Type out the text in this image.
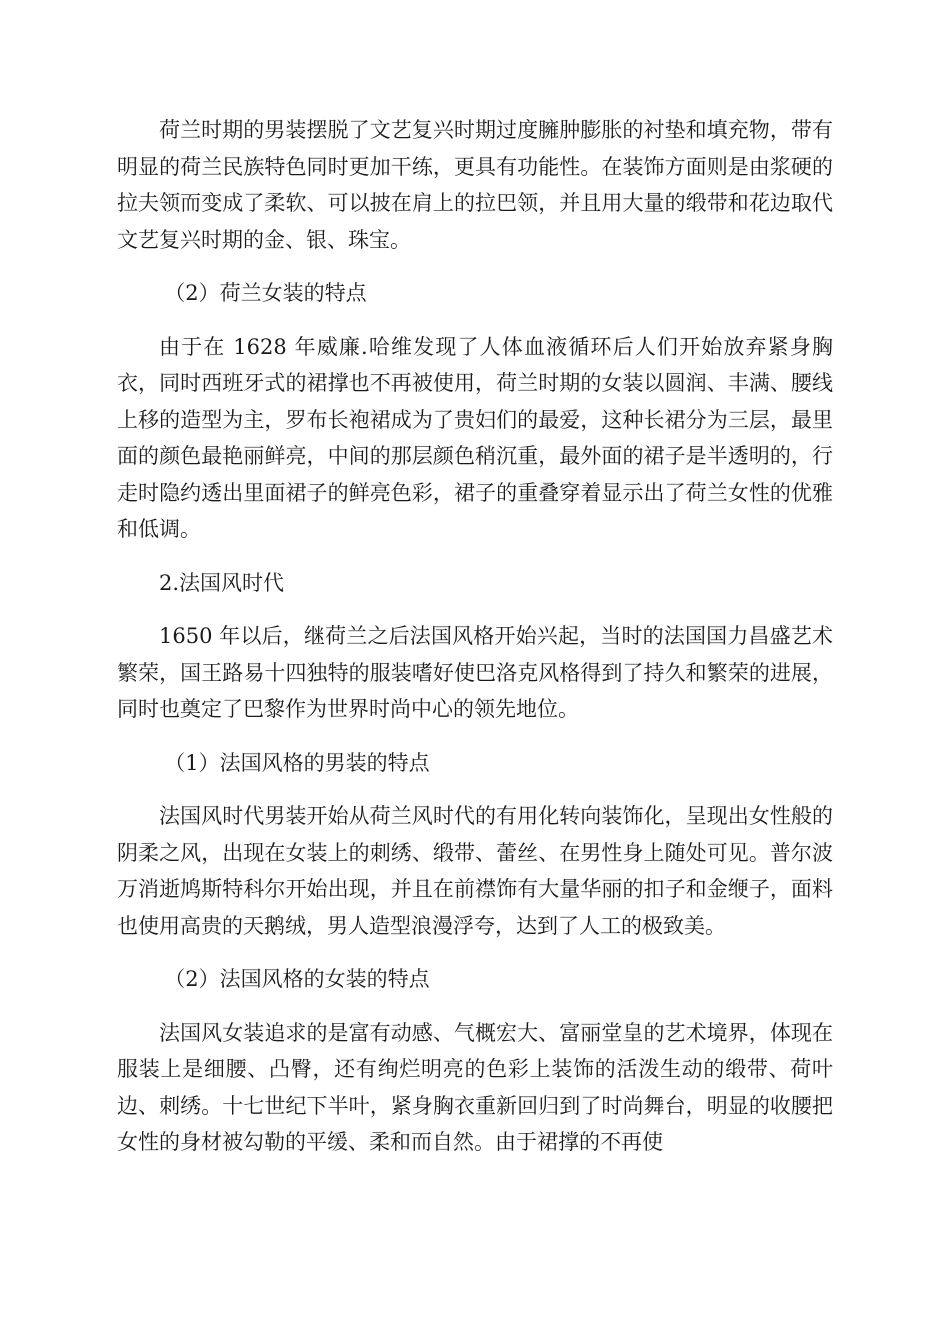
荷兰时期的男装摆脱了文艺复兴时期过度臃肿膨胀的衬垫和填充物，带有明显的荷兰民族特色同时更加干练，更具有功能性。在装饰方面则是由浆硬的拉夫领而变成了柔软、可以披在肩上的拉巴领，并且用大量的缎带和花边取代文艺复兴时期的金、银、珠宝。

（2）荷兰女装的特点

由于在 1628 年威廉.哈维发现了人体血液循环后人们开始放弃紧身胸衣，同时西班牙式的裙撑也不再被使用，荷兰时期的女装以圆润、丰满、腰线上移的造型为主，罗布长袍裙成为了贵妇们的最爱，这种长裙分为三层，最里面的颜色最艳丽鲜亮，中间的那层颜色稍沉重，最外面的裙子是半透明的，行走时隐约透出里面裙子的鲜亮色彩，裙子的重叠穿着显示出了荷兰女性的优雅和低调。

2.法国风时代

1650 年以后，继荷兰之后法国风格开始兴起，当时的法国国力昌盛艺术繁荣，国王路易十四独特的服装嗜好使巴洛克风格得到了持久和繁荣的进展，同时也奠定了巴黎作为世界时尚中心的领先地位。

（1）法国风格的男装的特点

法国风时代男装开始从荷兰风时代的有用化转向装饰化，呈现出女性般的阴柔之风，出现在女装上的刺绣、缎带、蕾丝、在男性身上随处可见。普尔波万消逝鸠斯特科尔开始出现，并且在前襟饰有大量华丽的扣子和金缏子，面料也使用高贵的天鹅绒，男人造型浪漫浮夸，达到了人工的极致美。

（2）法国风格的女装的特点

法国风女装追求的是富有动感、气概宏大、富丽堂皇的艺术境界，体现在服装上是细腰、凸臀，还有绚烂明亮的色彩上装饰的活泼生动的缎带、荷叶边、刺绣。十七世纪下半叶，紧身胸衣重新回归到了时尚舞台，明显的收腰把女性的身材被勾勒的平缓、柔和而自然。由于裙撑的不再使
